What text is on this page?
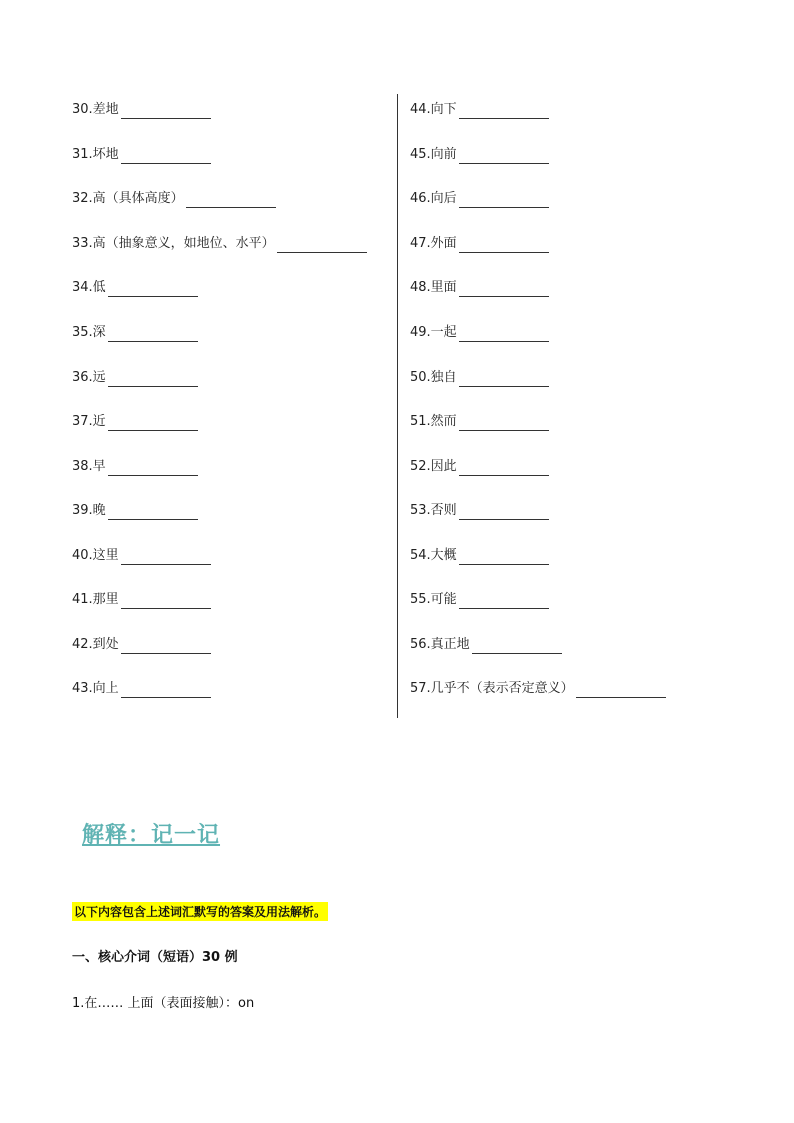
30.差地
31.坏地
32.高（具体高度）
33.高（抽象意义，如地位、水平）
34.低
35.深
36.远
37.近
38.早
39.晚
40.这里
41.那里
42.到处
43.向上
44.向下
45.向前
46.向后
47.外面
48.里面
49.一起
50.独自
51.然而
52.因此
53.否则
54.大概
55.可能
56.真正地
57.几乎不（表示否定意义）
解释：记一记
以下内容包含上述词汇默写的答案及用法解析。
一、核心介词（短语）30 例
1.在…… 上面（表面接触）：on
